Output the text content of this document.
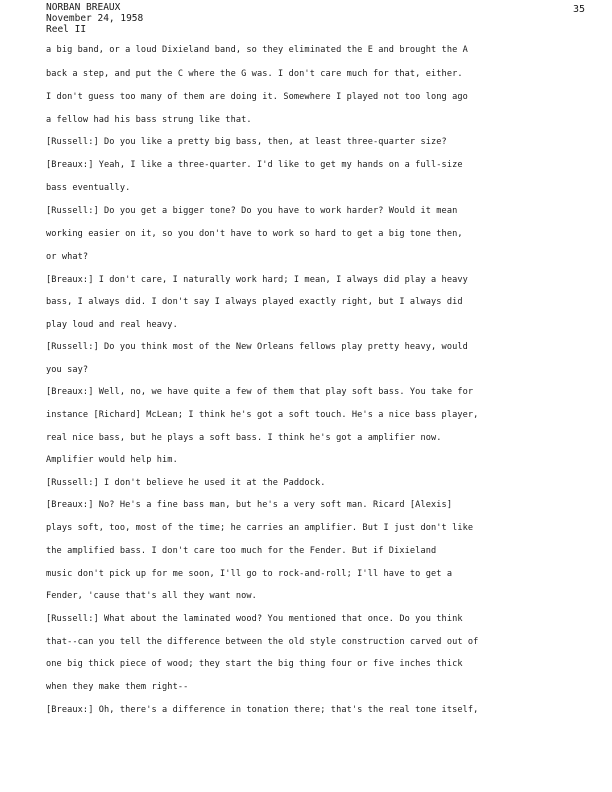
NORBAN BREAUX
November 24, 1958
Reel II
35
a big band, or a loud Dixieland band, so they eliminated the E and brought the A
back a step, and put the C where the G was. I don't care much for that, either.
I don't guess too many of them are doing it. Somewhere I played not too long ago
a fellow had his bass strung like that.
[Russell:] Do you like a pretty big bass, then, at least three-quarter size?
[Breaux:] Yeah, I like a three-quarter. I'd like to get my hands on a full-size
bass eventually.
[Russell:] Do you get a bigger tone? Do you have to work harder? Would it mean
working easier on it, so you don't have to work so hard to get a big tone then,
or what?
[Breaux:] I don't care, I naturally work hard; I mean, I always did play a heavy
bass, I always did. I don't say I always played exactly right, but I always did
play loud and real heavy.
[Russell:] Do you think most of the New Orleans fellows play pretty heavy, would
you say?
[Breaux:] Well, no, we have quite a few of them that play soft bass. You take for
instance [Richard] McLean; I think he's got a soft touch. He's a nice bass player,
real nice bass, but he plays a soft bass. I think he's got a amplifier now.
Amplifier would help him.
[Russell:] I don't believe he used it at the Paddock.
[Breaux:] No? He's a fine bass man, but he's a very soft man. Ricard [Alexis]
plays soft, too, most of the time; he carries an amplifier. But I just don't like
the amplified bass. I don't care too much for the Fender. But if Dixieland
music don't pick up for me soon, I'll go to rock-and-roll; I'll have to get a
Fender, 'cause that's all they want now.
[Russell:] What about the laminated wood? You mentioned that once. Do you think
that--can you tell the difference between the old style construction carved out of
one big thick piece of wood; they start the big thing four or five inches thick
when they make them right--
[Breaux:] Oh, there's a difference in tonation there; that's the real tone itself,
